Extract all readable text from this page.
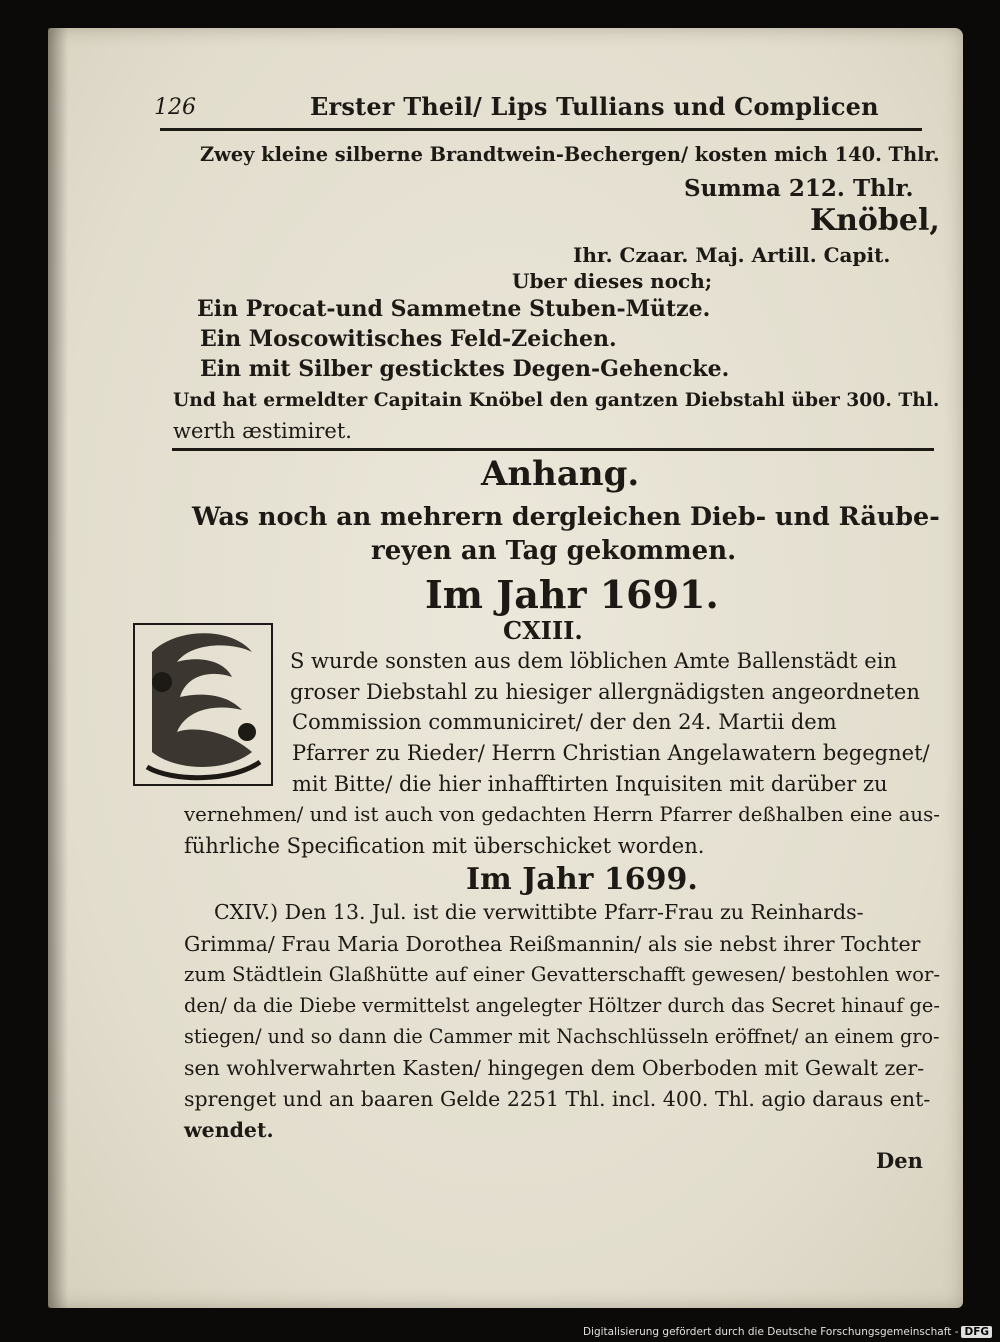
126	Erster Theil/ Lips Tullians und Complicen
Zwey kleine silberne Brandtwein-Bechergen/ kosten mich 140. Thlr.
Summa 212. Thlr.
Knöbel,
Ihr. Czaar. Maj. Artill. Capit.
Uber dieses noch;
Ein Procat-und Sammetne Stuben-Mütze.
Ein Moscowitisches Feld-Zeichen.
Ein mit Silber gesticktes Degen-Gehencke.
Und hat ermeldter Capitain Knöbel den gantzen Diebstahl über 300. Thl.
werth æstimiret.
Anhang.
Was noch an mehrern dergleichen Dieb- und Räube-
reyen an Tag gekommen.
Im Jahr 1691.
CXIII.
S wurde sonsten aus dem löblichen Amte Ballenstädt ein
groser Diebstahl zu hiesiger allergnädigsten angeordneten
Commission communiciret/ der den 24. Martii dem
Pfarrer zu Rieder/ Herrn Christian Angelawatern begegnet/
mit Bitte/ die hier inhafftirten Inquisiten mit darüber zu
vernehmen/ und ist auch von gedachten Herrn Pfarrer deßhalben eine aus-
führliche Specification mit überschicket worden.
Im Jahr 1699.
CXIV.) Den 13. Jul. ist die verwittibte Pfarr-Frau zu Reinhards-
Grimma/ Frau Maria Dorothea Reißmannin/ als sie nebst ihrer Tochter
zum Städtlein Glaßhütte auf einer Gevatterschafft gewesen/ bestohlen wor-
den/ da die Diebe vermittelst angelegter Höltzer durch das Secret hinauf ge-
stiegen/ und so dann die Cammer mit Nachschlüsseln eröffnet/ an einem gro-
sen wohlverwahrten Kasten/ hingegen dem Oberboden mit Gewalt zer-
sprenget und an baaren Gelde 2251 Thl. incl. 400. Thl. agio daraus ent-
wendet.
Den
Digitalisierung gefördert durch die Deutsche Forschungsgemeinschaft - DFG
